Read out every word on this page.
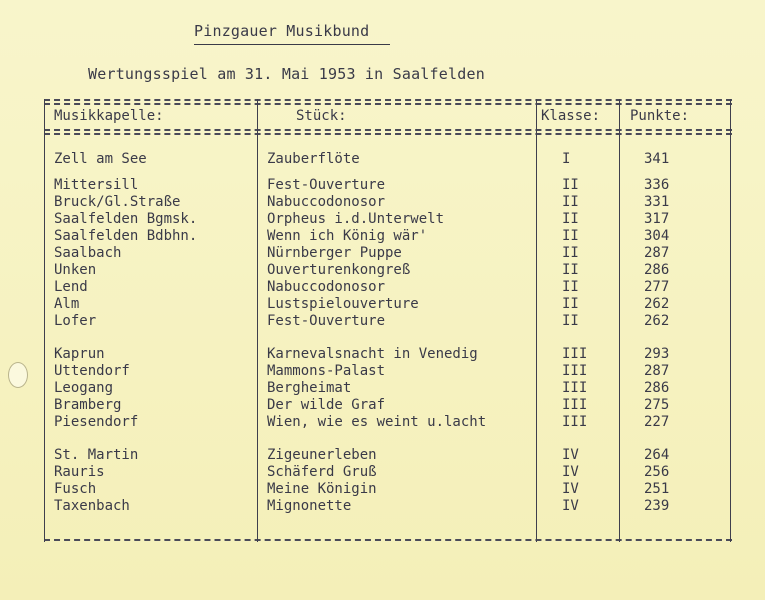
Pinzgauer Musikbund
Wertungsspiel am 31. Mai 1953 in Saalfelden
Musikkapelle:	Stück:	Klasse: Punkte:
Zell am See	Zauberflöte	I	341
Mittersill	Fest-Ouverture	II	336
Bruck/Gl.Straße	Nabuccodonosor	II	331
Saalfelden Bgmsk.	Orpheus i.d.Unterwelt	II	317
Saalfelden Bdbhn.	Wenn ich König wär'	II	304
Saalbach	Nürnberger Puppe	II	287
Unken	Ouverturenkongreß	II	286
Lend	Nabuccodonosor	II	277
Alm	Lustspielouverture	II	262
Lofer	Fest-Ouverture	II	262
Kaprun	Karnevalsnacht in Venedig	III	293
Uttendorf	Mammons-Palast	III	287
Leogang	Bergheimat	III	286
Bramberg	Der wilde Graf	III	275
Piesendorf	Wien, wie es weint u.lacht	III	227
St. Martin	Zigeunerleben	IV	264
Rauris	Schäferd Gruß	IV	256
Fusch	Meine Königin	IV	251
Taxenbach	Mignonette	IV	239
